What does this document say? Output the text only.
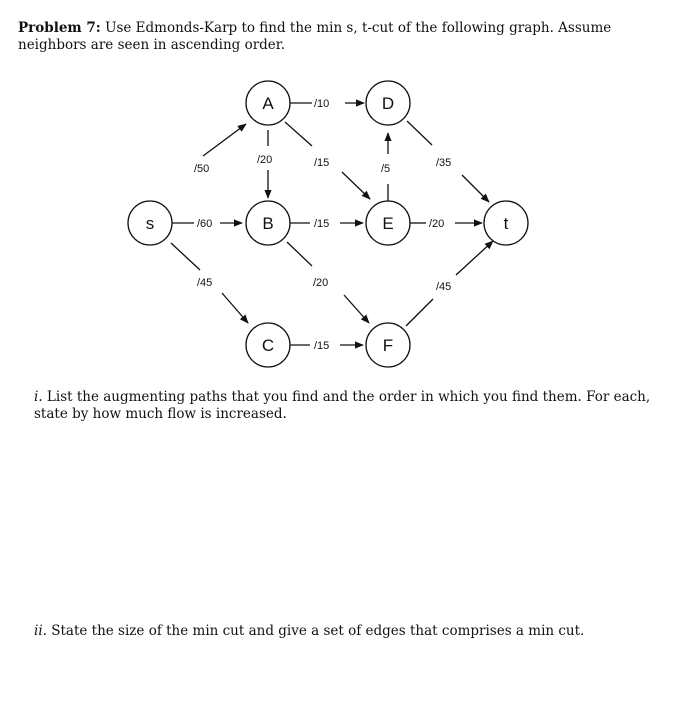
Problem 7: Use Edmonds-Karp to find the min s, t-cut of the following graph. Assume neighbors are seen in ascending order.
/10
/50
/20	/15	/5	/35
/60	/15	/20
/45	/20	/45
/15
s
A
B
C
D
E
F
t
i. List the augmenting paths that you find and the order in which you find them. For each, state by how much flow is increased.
ii. State the size of the min cut and give a set of edges that comprises a min cut.
